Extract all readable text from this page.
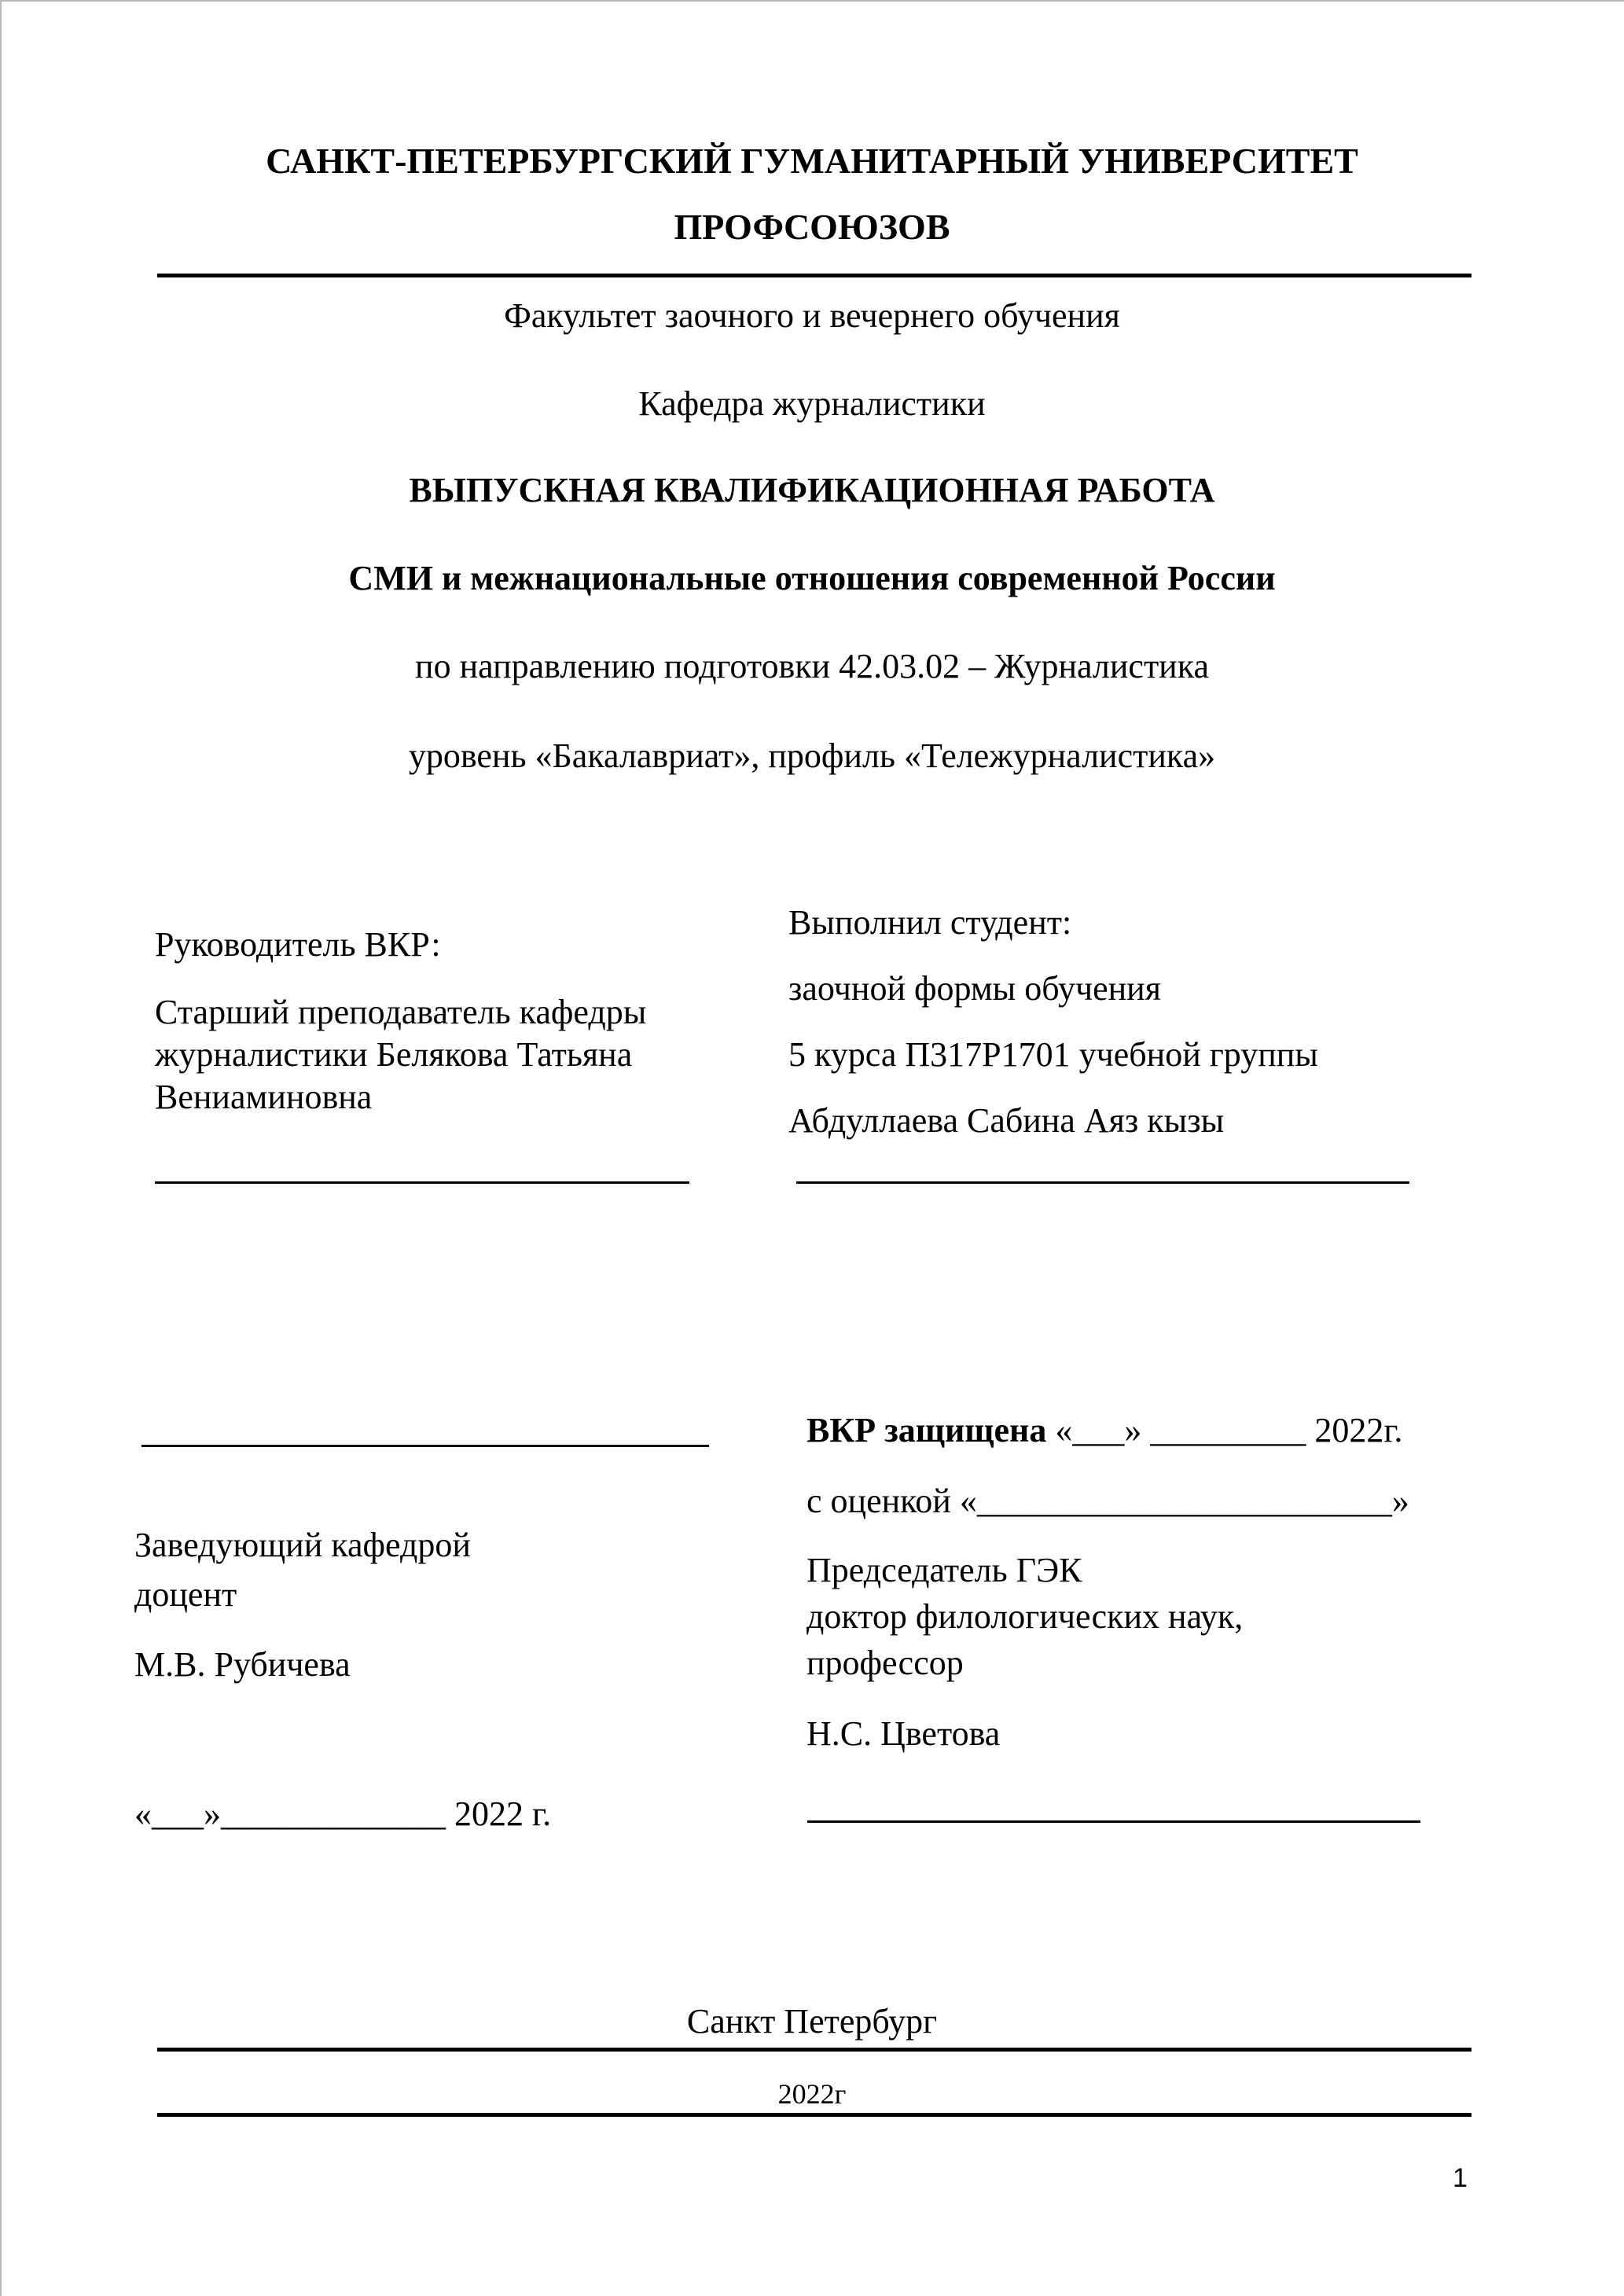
САНКТ-ПЕТЕРБУРГСКИЙ ГУМАНИТАРНЫЙ УНИВЕРСИТЕТ
ПРОФСОЮЗОВ
Факультет заочного и вечернего обучения
Кафедра журналистики
ВЫПУСКНАЯ КВАЛИФИКАЦИОННАЯ РАБОТА
СМИ и межнациональные отношения современной России
по направлению подготовки 42.03.02 – Журналистика
уровень «Бакалавриат», профиль «Тележурналистика»
Руководитель ВКР:
Старший преподаватель кафедры
журналистики Белякова Татьяна
Вениаминовна
Выполнил студент:
заочной формы обучения
5 курса П317Р1701 учебной группы
Абдуллаева Сабина Аяз кызы
Заведующий кафедрой
доцент
М.В. Рубичева
«___»_____________ 2022 г.
ВКР защищена «___» _________ 2022г.
с оценкой «________________________»
Председатель ГЭК
доктор филологических наук,
профессор
Н.С. Цветова
Санкт Петербург
2022г
1
